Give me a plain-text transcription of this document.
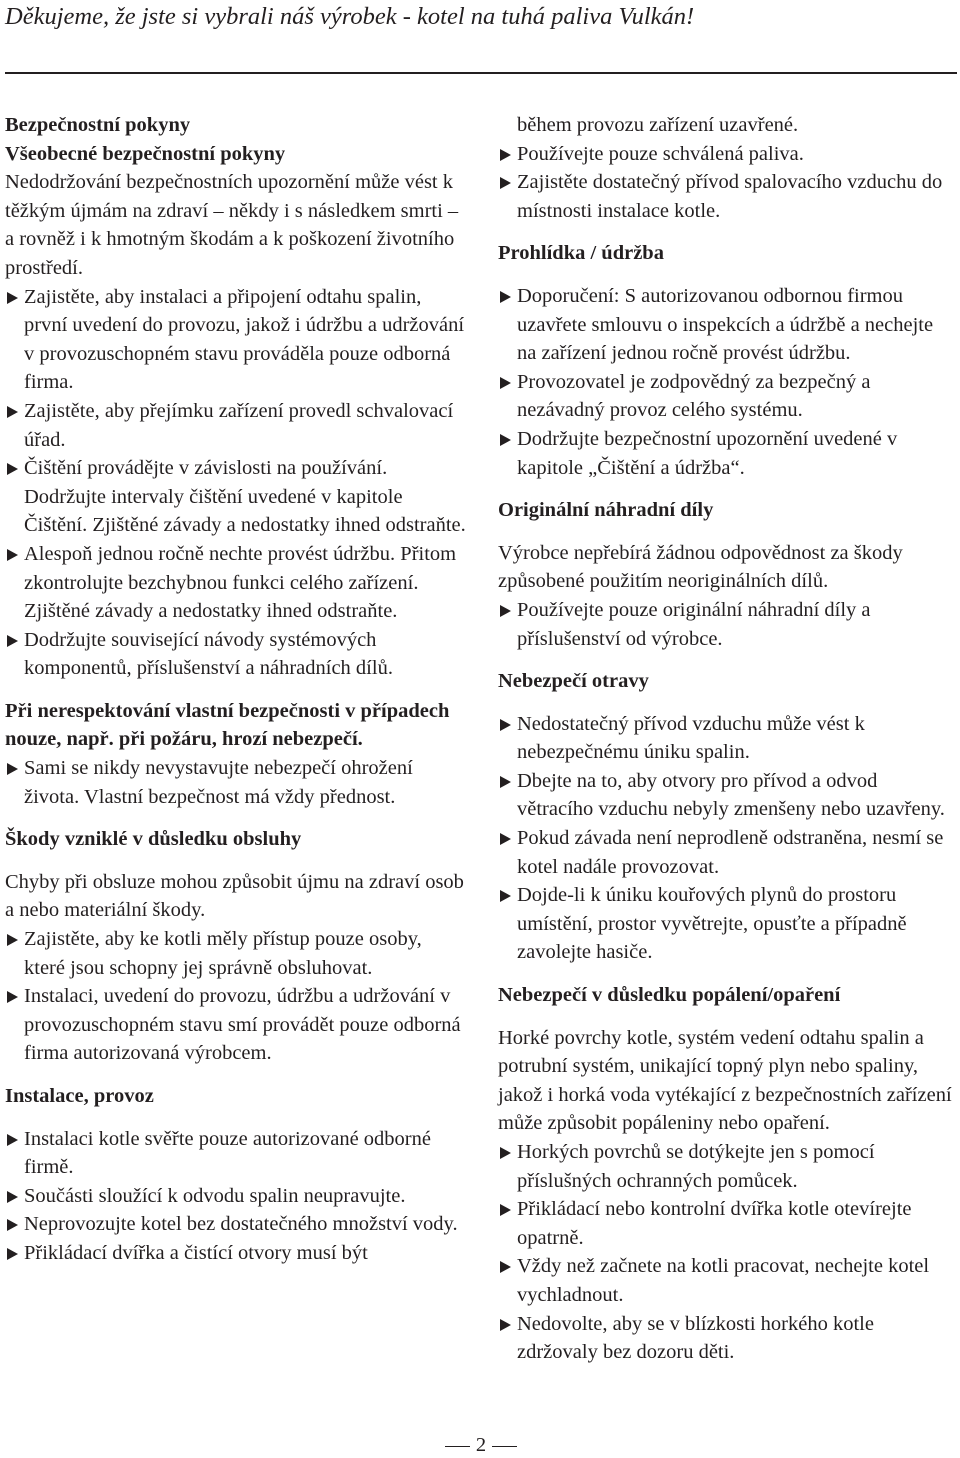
Děkujeme, že jste si vybrali náš výrobek - kotel na tuhá paliva Vulkán!
Bezpečnostní pokyny
Všeobecné bezpečnostní pokyny

Nedodržování bezpečnostních upozornění může vést k těžkým újmám na zdraví – někdy i s následkem smrti – a rovněž i k hmotným škodám a k poškození životního prostředí.

Zajistěte, aby instalaci a připojení odtahu spalin, první uvedení do provozu, jakož i údržbu a udržování v provozuschopném stavu prováděla pouze odborná firma.
Zajistěte, aby přejímku zařízení provedl schvalovací úřad.
Čištění provádějte v závislosti na používání. Dodržujte intervaly čištění uvedené v kapitole Čištění. Zjištěné závady a nedostatky ihned odstraňte.
Alespoň jednou ročně nechte provést údržbu. Přitom zkontrolujte bezchybnou funkci celého zařízení. Zjištěné závady a nedostatky ihned odstraňte.
Dodržujte související návody systémových komponentů, příslušenství a náhradních dílů.
Při nerespektování vlastní bezpečnosti v případech nouze, např. při požáru, hrozí nebezpečí.
Sami se nikdy nevystavujte nebezpečí ohrožení života. Vlastní bezpečnost má vždy přednost.
Škody vzniklé v důsledku obsluhy

Chyby při obsluze mohou způsobit újmu na zdraví osob a nebo materiální škody.

Zajistěte, aby ke kotli měly přístup pouze osoby, které jsou schopny jej správně obsluhovat.
Instalaci, uvedení do provozu, údržbu a udržování v provozuschopném stavu smí provádět pouze odborná firma autorizovaná výrobcem.
Instalace, provoz
Instalaci kotle svěřte pouze autorizované odborné firmě.
Součásti sloužící k odvodu spalin neupravujte.
Neprovozujte kotel bez dostatečného množství vody.
Přikládací dvířka a čistící otvory musí být

během provozu zařízení uzavřené.

Používejte pouze schválená paliva.
Zajistěte dostatečný přívod spalovacího vzduchu do místnosti instalace kotle.
Prohlídka / údržba
Doporučení: S autorizovanou odbornou firmou uzavřete smlouvu o inspekcích a údržbě a nechejte na zařízení jednou ročně provést údržbu.
Provozovatel je zodpovědný za bezpečný a nezávadný provoz celého systému.
Dodržujte bezpečnostní upozornění uvedené v kapitole „Čištění a údržba“.
Originální náhradní díly

Výrobce nepřebírá žádnou odpovědnost za škody způsobené použitím neoriginálních dílů.

Používejte pouze originální náhradní díly a příslušenství od výrobce.
Nebezpečí otravy
Nedostatečný přívod vzduchu může vést k nebezpečnému úniku spalin.
Dbejte na to, aby otvory pro přívod a odvod větracího vzduchu nebyly zmenšeny nebo uzavřeny.
Pokud závada není neprodleně odstraněna, nesmí se kotel nadále provozovat.
Dojde-li k úniku kouřových plynů do prostoru umístění, prostor vyvětrejte, opusťte a případně zavolejte hasiče.
Nebezpečí v důsledku popálení/opaření

Horké povrchy kotle, systém vedení odtahu spalin a potrubní systém, unikající topný plyn nebo spaliny, jakož i horká voda vytékající z bezpečnostních zařízení může způsobit popáleniny nebo opaření.

Horkých povrchů se dotýkejte jen s pomocí příslušných ochranných pomůcek.
Přikládací nebo kontrolní dvířka kotle otevírejte opatrně.
Vždy než začnete na kotli pracovat, nechejte kotel vychladnout.
Nedovolte, aby se v blízkosti horkého kotle zdržovaly bez dozoru děti.
2
